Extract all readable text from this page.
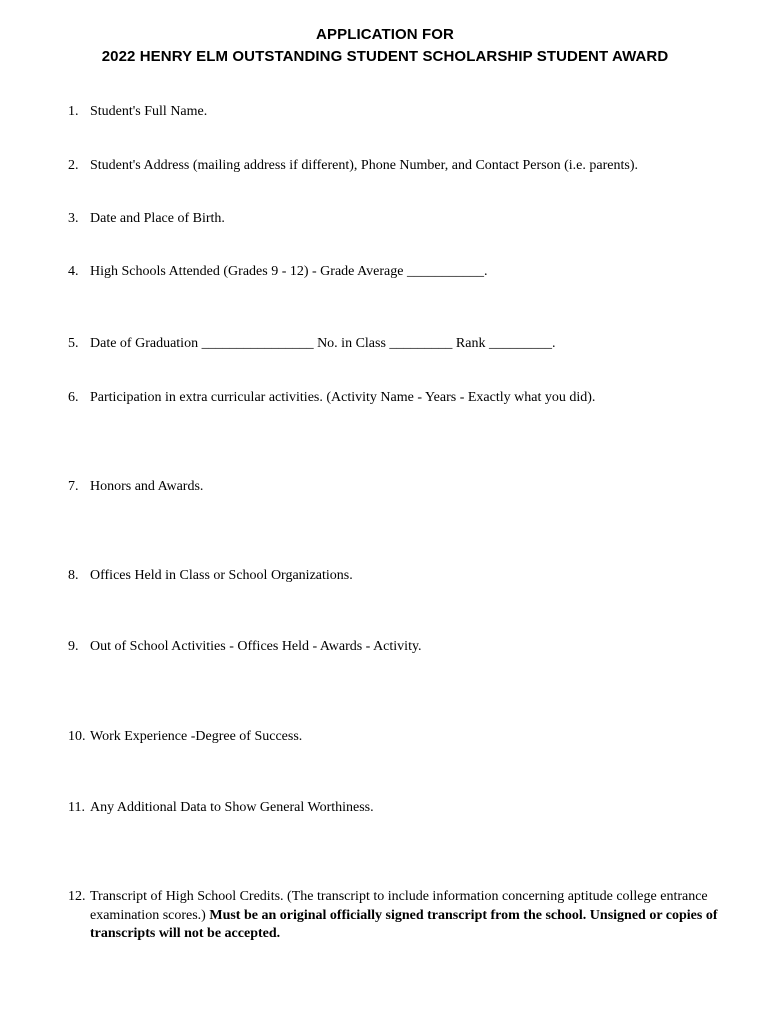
APPLICATION FOR
2022 HENRY ELM OUTSTANDING STUDENT SCHOLARSHIP STUDENT AWARD
1. Student's Full Name.
2. Student's Address (mailing address if different), Phone Number, and Contact Person (i.e. parents).
3. Date and Place of Birth.
4. High Schools Attended (Grades 9 - 12) - Grade Average ___________.
5. Date of Graduation ________________ No. in Class _________ Rank _________.
6. Participation in extra curricular activities. (Activity Name - Years - Exactly what you did).
7. Honors and Awards.
8. Offices Held in Class or School Organizations.
9. Out of School Activities - Offices Held - Awards - Activity.
10. Work Experience -Degree of Success.
11. Any Additional Data to Show General Worthiness.
12. Transcript of High School Credits. (The transcript to include information concerning aptitude college entrance examination scores.) Must be an original officially signed transcript from the school. Unsigned or copies of transcripts will not be accepted.
